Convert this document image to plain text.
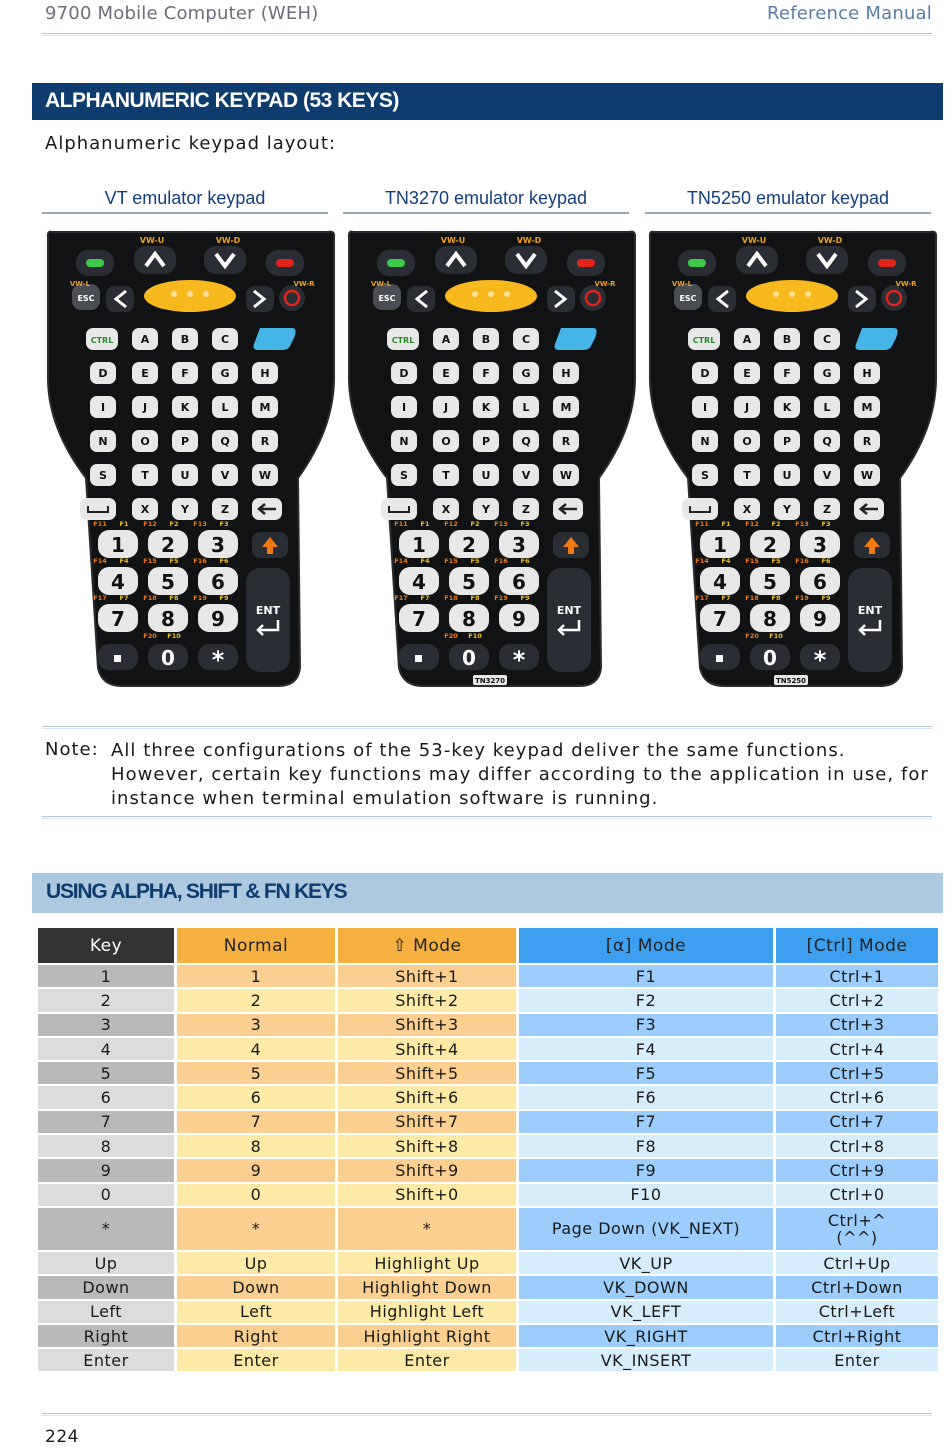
9700 Mobile Computer (WEH)	Reference Manual
ALPHANUMERIC KEYPAD (53 KEYS)
Alphanumeric keypad layout:
VT emulator keypad	TN3270 emulator keypad	TN5250 emulator keypad
VW-U	VW-D
ESC
VW-L	VW-R
CTRL A	B	C
D	E	F	G	H
I	J	K	L	M
N	O	P	Q	R
S	T	U	V	W
X	Y	Z
1 2 3
4 5 6
7 8 9
0 *
ENT
F11 F1 F12 F2 F13 F3
F14 F4 F15 F5 F16 F6
F17 F7 F18 F8 F19 F9
F20 F10
VW-U	VW-D
ESC
VW-L	VW-R
CTRL A	B	C
D	E	F	G	H
I	J	K	L	M
N	O	P	Q	R
S	T	U	V	W
X	Y	Z
1 2 3
4 5 6
7 8 9
0 *
ENT
F11 F1 F12 F2 F13 F3
F14 F4 F15 F5 F16 F6
F17 F7 F18 F8 F19 F9
F20 F10
TN3270
VW-U	VW-D
ESC
VW-L	VW-R
CTRL A	B	C
D	E	F	G	H
I	J	K	L	M
N	O	P	Q	R
S	T	U	V	W
X	Y	Z
1 2 3
4 5 6
7 8 9
0 *
ENT
F11 F1 F12 F2 F13 F3
F14 F4 F15 F5 F16 F6
F17 F7 F18 F8 F19 F9
F20 F10
TN5250
Note: All three configurations of the 53-key keypad deliver the same functions. However, certain key functions may differ according to the application in use, for instance when terminal emulation software is running.
USING ALPHA, SHIFT & FN KEYS
Key	Normal	⇧ Mode	[α] Mode	[Ctrl] Mode
1	1	Shift+1	F1	Ctrl+1
2	2	Shift+2	F2	Ctrl+2
3	3	Shift+3	F3	Ctrl+3
4	4	Shift+4	F4	Ctrl+4
5	5	Shift+5	F5	Ctrl+5
6	6	Shift+6	F6	Ctrl+6
7	7	Shift+7	F7	Ctrl+7
8	8	Shift+8	F8	Ctrl+8
9	9	Shift+9	F9	Ctrl+9
0	0	Shift+0	F10	Ctrl+0
*	*	*	Page Down (VK_NEXT)	Ctrl+^
(^^)
Up	Up	Highlight Up	VK_UP	Ctrl+Up
Down	Down	Highlight Down	VK_DOWN	Ctrl+Down
Left	Left	Highlight Left	VK_LEFT	Ctrl+Left
Right	Right	Highlight Right	VK_RIGHT	Ctrl+Right
Enter	Enter	Enter	VK_INSERT	Enter
224
